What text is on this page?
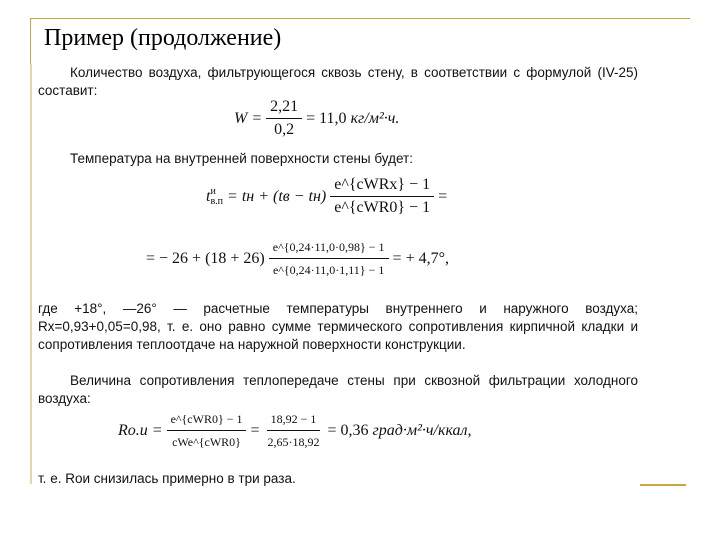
Пример (продолжение)
Количество воздуха, фильтрующегося сквозь стену, в соответствии с формулой (IV-25) составит:
$W = \frac{2,21}{0,2} = 11,0$
кг/м²·ч.
Температура на внутренней поверхности стены будет:
t и
в.п
= tн + $(tв - tн) \frac{\text{e\textasciicircum{}\{cWRx\} − 1}}{\text{e\textasciicircum{}\{cWR0\} − 1}}$ =
= − $26 + (18 + 26) \frac{e\^{}\{0,24\cdot 11,0\cdot 0,98\} - 1}{e\^{}\{0,24\cdot 11,0\cdot 1,11\} - 1}$ = + 4,7°,
где +18°, —26° — расчетные температуры внутреннего и наружного воздуха; Rx=0,93+0,05=0,98, т. е. оно равно сумме термического сопротивления кирпичной кладки и сопротивления теплоотдаче на наружной поверхности конструкции.
Величина сопротивления теплопередаче стены при сквозной фильтрации холодного воздуха:
$Rо.и = \frac{\text{e\textasciicircum{}\{cWR0\} − 1}}{\text{cWe\textasciicircum{}\{cWR0\}}} = \frac{18,92 - 1}{2,65\cdot 18,92} = 0,36$
град·м²·ч/ккал,
т. е. Rои снизилась примерно в три раза.
